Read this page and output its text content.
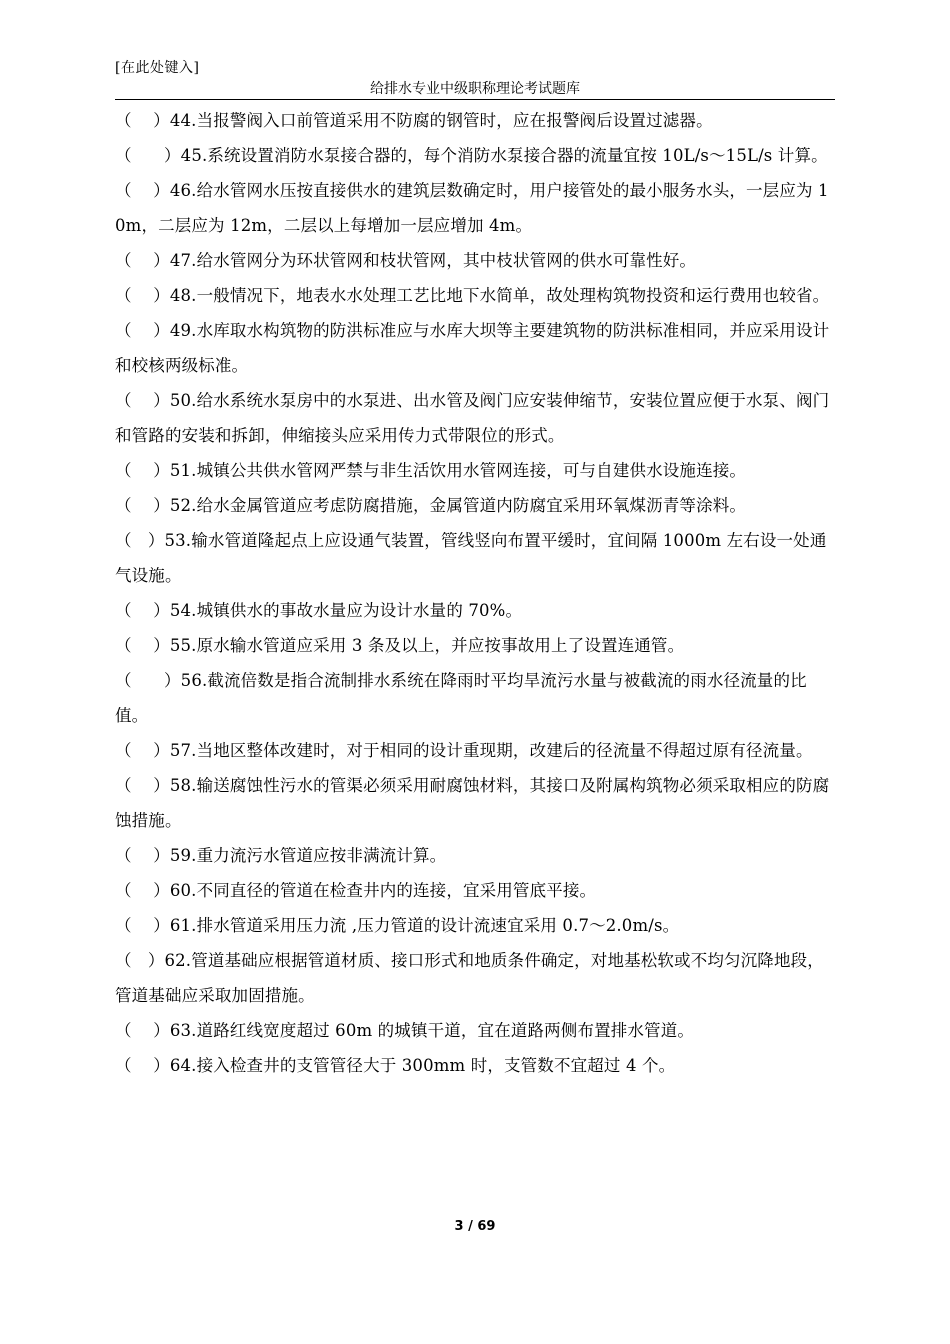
[在此处键入]
给排水专业中级职称理论考试题库
（    ）44.当报警阀入口前管道采用不防腐的钢管时，应在报警阀后设置过滤器。
（      ）45.系统设置消防水泵接合器的，每个消防水泵接合器的流量宜按 10L/s～15L/s 计算。
（    ）46.给水管网水压按直接供水的建筑层数确定时，用户接管处的最小服务水头，一层应为 10m，二层应为 12m，二层以上每增加一层应增加 4m。
（    ）47.给水管网分为环状管网和枝状管网，其中枝状管网的供水可靠性好。
（    ）48.一般情况下，地表水水处理工艺比地下水简单，故处理构筑物投资和运行费用也较省。
（    ）49.水库取水构筑物的防洪标准应与水库大坝等主要建筑物的防洪标准相同，并应采用设计和校核两级标准。
（    ）50.给水系统水泵房中的水泵进、出水管及阀门应安装伸缩节，安装位置应便于水泵、阀门和管路的安装和拆卸，伸缩接头应采用传力式带限位的形式。
（    ）51.城镇公共供水管网严禁与非生活饮用水管网连接，可与自建供水设施连接。
（    ）52.给水金属管道应考虑防腐措施，金属管道内防腐宜采用环氧煤沥青等涂料。
（   ）53.输水管道隆起点上应设通气装置，管线竖向布置平缓时，宜间隔 1000m 左右设一处通气设施。
（    ）54.城镇供水的事故水量应为设计水量的 70%。
（    ）55.原水输水管道应采用 3 条及以上，并应按事故用上了设置连通管。
（      ）56.截流倍数是指合流制排水系统在降雨时平均旱流污水量与被截流的雨水径流量的比值。
（    ）57.当地区整体改建时，对于相同的设计重现期，改建后的径流量不得超过原有径流量。
（    ）58.输送腐蚀性污水的管渠必须采用耐腐蚀材料，其接口及附属构筑物必须采取相应的防腐蚀措施。
（    ）59.重力流污水管道应按非满流计算。
（    ）60.不同直径的管道在检查井内的连接，宜采用管底平接。
（    ）61.排水管道采用压力流 ,压力管道的设计流速宜采用 0.7～2.0m/s。
（   ）62.管道基础应根据管道材质、接口形式和地质条件确定，对地基松软或不均匀沉降地段，管道基础应采取加固措施。
（    ）63.道路红线宽度超过 60m 的城镇干道，宜在道路两侧布置排水管道。
（    ）64.接入检查井的支管管径大于 300mm 时，支管数不宜超过 4 个。
3 / 69
